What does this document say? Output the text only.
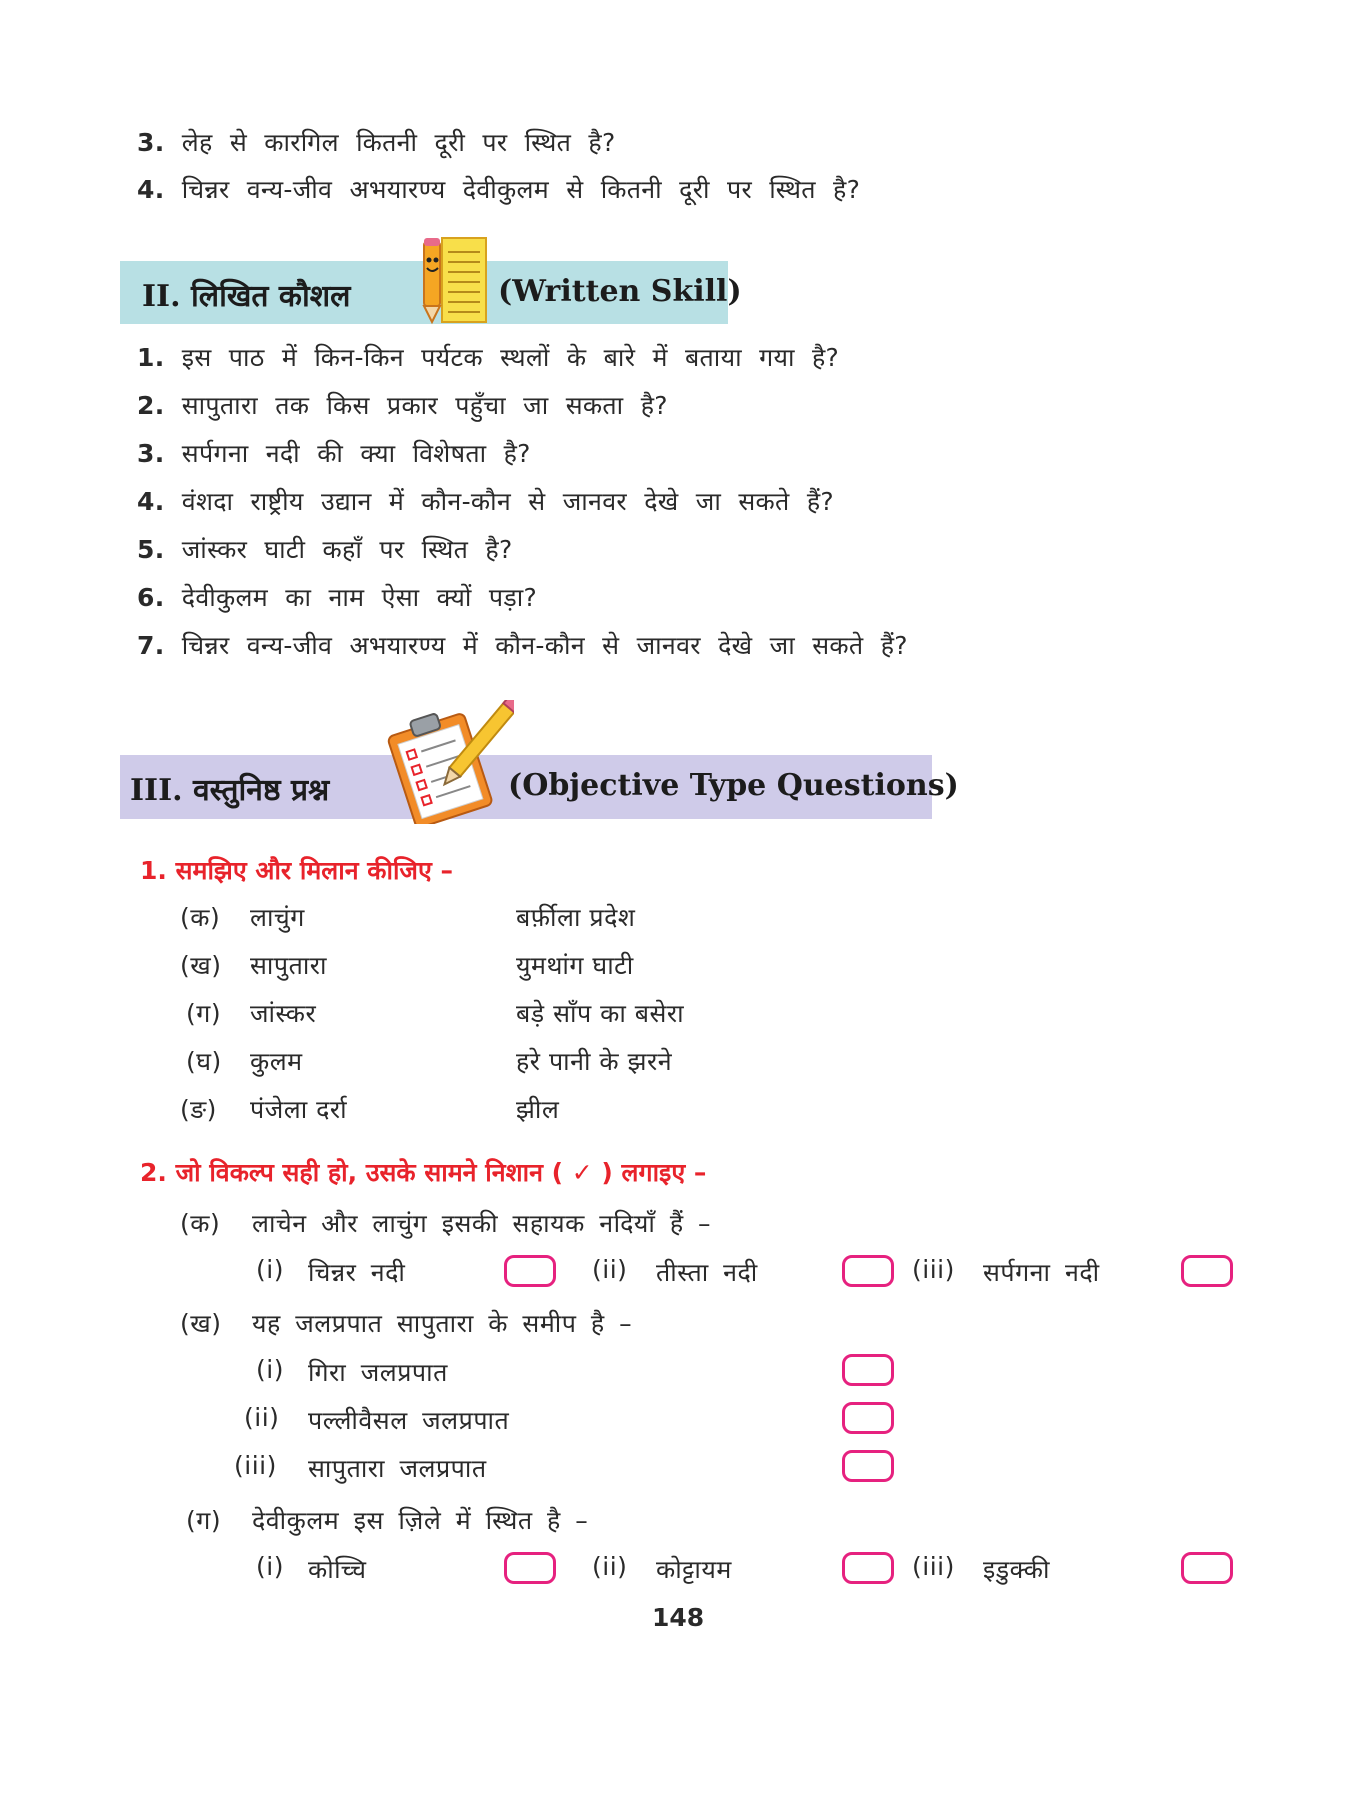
3. लेह से कारगिल कितनी दूरी पर स्थित है?
4. चिन्नर वन्य-जीव अभयारण्य देवीकुलम से कितनी दूरी पर स्थित है?
II. लिखित कौशल	(Written Skill)
1. इस पाठ में किन-किन पर्यटक स्थलों के बारे में बताया गया है?
2. सापुतारा तक किस प्रकार पहुँचा जा सकता है?
3. सर्पगना नदी की क्या विशेषता है?
4. वंशदा राष्ट्रीय उद्यान में कौन-कौन से जानवर देखे जा सकते हैं?
5. जांस्कर घाटी कहाँ पर स्थित है?
6. देवीकुलम का नाम ऐसा क्यों पड़ा?
7. चिन्नर वन्य-जीव अभयारण्य में कौन-कौन से जानवर देखे जा सकते हैं?
III. वस्तुनिष्ठ प्रश्न	(Objective Type Questions)
1. समझिए और मिलान कीजिए –
(क) लाचुंग	बर्फ़ीला प्रदेश
(ख) सापुतारा	युमथांग घाटी
(ग) जांस्कर	बड़े साँप का बसेरा
(घ) कुलम	हरे पानी के झरने
(ङ) पंजेला दर्रा	झील
2. जो विकल्प सही हो, उसके सामने निशान ( ✓ ) लगाइए –
(क) लाचेन और लाचुंग इसकी सहायक नदियाँ हैं –
(i) चिन्नर नदी	(ii) तीस्ता नदी	(iii) सर्पगना नदी
(ख) यह जलप्रपात सापुतारा के समीप है –
(i) गिरा जलप्रपात
(ii) पल्लीवैसल जलप्रपात
(iii) सापुतारा जलप्रपात
(ग) देवीकुलम इस ज़िले में स्थित है –
(i) कोच्चि	(ii) कोट्टायम	(iii) इडुक्की
148
